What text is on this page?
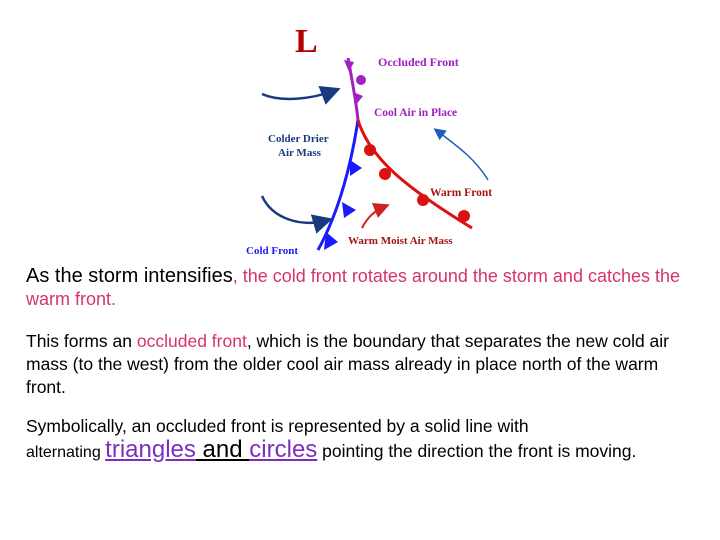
L
Occluded Front
Cool Air in Place
Colder Drier
Air Mass
Warm Front
Cold Front
Warm Moist Air Mass
As the storm intensifies, the cold front rotates around the storm and catches the warm front.
This forms an occluded front, which is the boundary that separates the new cold air mass (to the west) from the older cool air mass already in place north of the warm front.
Symbolically, an occluded front is represented by a solid line with
alternating triangles and circles pointing the direction the front is moving.
